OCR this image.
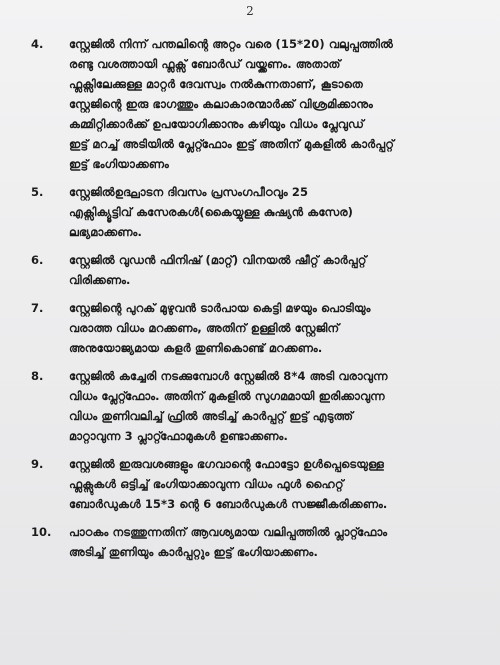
2
4.	സ്റ്റേജിൽ നിന്ന് പന്തലിന്റെ അറ്റം വരെ (15*20) വലുപ്പത്തിൽ
രണ്ടു വശത്തായി ഫ്ലക്സ് ബോർഡ് വയ്ക്കണം. അതാത്
ഫ്ലക്സിലേക്കുള്ള മാറ്റർ ദേവസ്വം നൽകുന്നതാണ്, കൂടാതെ
സ്റ്റേജിന്റെ ഇരു ഭാഗത്തും കലാകാരന്മാർക്ക് വിശ്രമിക്കാനും
കമ്മിറ്റിക്കാർക്ക് ഉപയോഗിക്കാനും കഴിയും വിധം പ്ലേവുഡ്
ഇട്ട് മറച്ച് അടിയിൽ പ്ലേറ്റ്ഫോം ഇട്ട് അതിന് മുകളിൽ കാർപ്പറ്റ്
ഇട്ട് ഭംഗിയാക്കണം
5.	സ്റ്റേജിൽഉദ്ഘാടന ദിവസം പ്രസംഗപീഠവും 25
എക്സിക്യൂട്ടിവ് കസേരകൾ(കൈയ്യുള്ള കുഷ്യൻ കസേര)
ലഭ്യമാക്കണം.
6.	സ്റ്റേജിൽ വുഡൻ ഫിനിഷ് (മാറ്റ്) വിനയൽ ഷീറ്റ് കാർപ്പറ്റ്
വിരിക്കണം.
7.	സ്റ്റേജിന്റെ പുറക് മുഴുവൻ ടാർപായ കെട്ടി മഴയും പൊടിയും
വരാത്ത വിധം മറക്കണം, അതിന് ഉള്ളിൽ സ്റ്റേജിന്
അനുയോജ്യമായ കളർ തുണികൊണ്ട് മറക്കണം.
8.	സ്റ്റേജിൽ കച്ചേരി നടക്കുമ്പോൾ സ്റ്റേജിൽ 8*4 അടി വരാവുന്ന
വിധം പ്ലേറ്റ്ഫോം. അതിന് മുകളിൽ സുഗമമായി ഇരിക്കാവുന്ന
വിധം തുണിവലിച്ച് ഫ്രിൽ അടിച്ച് കാർപ്പറ്റ് ഇട്ട് എടുത്ത്
മാറ്റാവുന്ന 3 പ്ലാറ്റ്ഫോമുകൾ ഉണ്ടാക്കണം.
9.	സ്റ്റേജിൽ ഇരുവശങ്ങളും ഭഗവാന്റെ ഫോട്ടോ ഉൾപ്പെടെയുള്ള
ഫ്ലക്സുകൾ ഒട്ടിച്ച് ഭംഗിയാക്കാവുന്ന വിധം ഫുൾ ഹൈറ്റ്
ബോർഡുകൾ 15*3 ന്റെ 6 ബോർഡുകൾ സജ്ജീകരിക്കണം.
10.	പാഠകം നടത്തുന്നതിന് ആവശ്യമായ വലിപ്പത്തിൽ പ്ലാറ്റ്ഫോം
അടിച്ച് തുണിയും കാർപ്പറ്റും ഇട്ട് ഭംഗിയാക്കണം.
